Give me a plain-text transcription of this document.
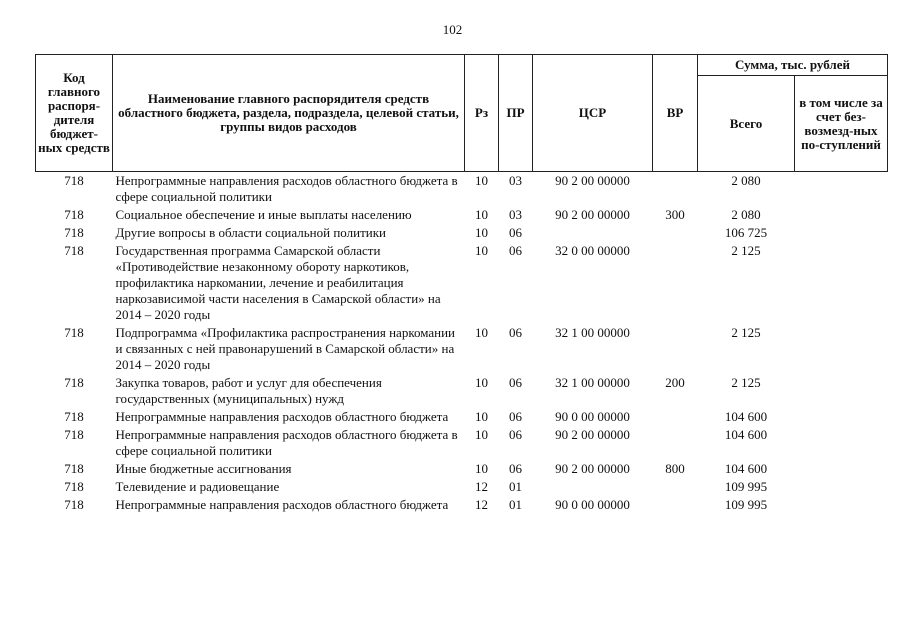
102
Код главного распоря-дителя бюджет-ных средств	Наименование главного распорядителя средств областного бюджета, раздела, подраздела, целевой статьи, группы видов расходов	Рз	ПР	ЦСР	ВР	Сумма, тыс. рублей	
						Всего	в том числе за счет без-возмезд-ных по-ступлений
718	Непрограммные направления расходов областного бюджета в сфере социальной политики	10	03	90 2 00 00000		2 080	
718	Социальное обеспечение и иные выплаты населению	10	03	90 2 00 00000	300	2 080	
718	Другие вопросы в области социальной политики	10	06			106 725	
718	Государственная программа Самарской области «Противодействие незаконному обороту наркотиков, профилактика наркомании, лечение и реабилитация наркозависимой части населения в Самарской области» на 2014 – 2020 годы	10	06	32 0 00 00000		2 125	
718	Подпрограмма «Профилактика распространения наркомании и связанных с ней правонарушений в Самарской области» на 2014 – 2020 годы	10	06	32 1 00 00000		2 125	
718	Закупка товаров, работ и услуг для обеспечения государственных (муниципальных) нужд	10	06	32 1 00 00000	200	2 125	
718	Непрограммные направления расходов областного бюджета	10	06	90 0 00 00000		104 600	
718	Непрограммные направления расходов областного бюджета в сфере социальной политики	10	06	90 2 00 00000		104 600	
718	Иные бюджетные ассигнования	10	06	90 2 00 00000	800	104 600	
718	Телевидение и радиовещание	12	01			109 995	
718	Непрограммные направления расходов областного бюджета	12	01	90 0 00 00000		109 995	
